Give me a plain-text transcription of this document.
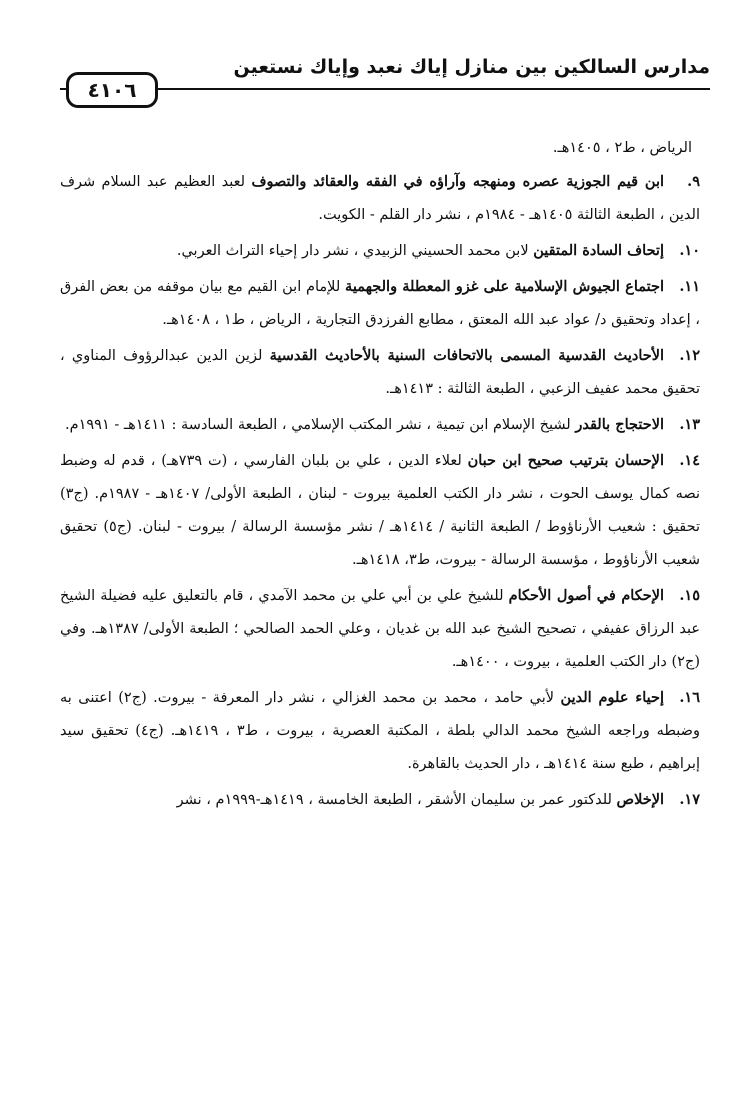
مدارس السالكين بين منازل إياك نعبد وإياك نستعين
٤١٠٦

الرياض ، ط٢ ، ١٤٠٥هـ.

٩.ابن قيم الجوزية عصره ومنهجه وآراؤه في الفقه والعقائد والتصوف لعبد العظيم عبد السلام شرف الدين ، الطبعة الثالثة ١٤٠٥هـ - ١٩٨٤م ، نشر دار القلم - الكويت.

١٠.إتحاف السادة المتقين لابن محمد الحسيني الزبيدي ، نشر دار إحياء التراث العربي.

١١.اجتماع الجيوش الإسلامية على غزو المعطلة والجهمية للإمام ابن القيم مع بيان موقفه من بعض الفرق ، إعداد وتحقيق د/ عواد عبد الله المعتق ، مطابع الفرزدق التجارية ، الرياض ، ط١ ، ١٤٠٨هـ.

١٢.الأحاديث القدسية المسمى بالاتحافات السنية بالأحاديث القدسية لزين الدين عبدالرؤوف المناوي ، تحقيق محمد عفيف الزعبي ، الطبعة الثالثة : ١٤١٣هـ.

١٣.الاحتجاج بالقدر لشيخ الإسلام ابن تيمية ، نشر المكتب الإسلامي ، الطبعة السادسة : ١٤١١هـ - ١٩٩١م.

١٤.الإحسان بترتيب صحيح ابن حبان لعلاء الدين ، علي بن بلبان الفارسي ، (ت ٧٣٩هـ) ، قدم له وضبط نصه كمال يوسف الحوت ، نشر دار الكتب العلمية بيروت - لبنان ، الطبعة الأولى/ ١٤٠٧هـ - ١٩٨٧م. (ج٣) تحقيق : شعيب الأرناؤوط / الطبعة الثانية / ١٤١٤هـ / نشر مؤسسة الرسالة / بيروت - لبنان. (ج٥) تحقيق شعيب الأرناؤوط ، مؤسسة الرسالة - بيروت، ط٣، ١٤١٨هـ.

١٥.الإحكام في أصول الأحكام للشيخ علي بن أبي علي بن محمد الآمدي ، قام بالتعليق عليه فضيلة الشيخ عبد الرزاق عفيفي ، تصحيح الشيخ عبد الله بن غديان ، وعلي الحمد الصالحي ؛ الطبعة الأولى/ ١٣٨٧هـ. وفي (ج٢) دار الكتب العلمية ، بيروت ، ١٤٠٠هـ.

١٦.إحياء علوم الدين لأبي حامد ، محمد بن محمد الغزالي ، نشر دار المعرفة - بيروت. (ج٢) اعتنى به وضبطه وراجعه الشيخ محمد الدالي بلطة ، المكتبة العصرية ، بيروت ، ط٣ ، ١٤١٩هـ. (ج٤) تحقيق سيد إبراهيم ، طبع سنة ١٤١٤هـ ، دار الحديث بالقاهرة.

١٧.الإخلاص للدكتور عمر بن سليمان الأشقر ، الطبعة الخامسة ، ١٤١٩هـ-١٩٩٩م ، نشر
